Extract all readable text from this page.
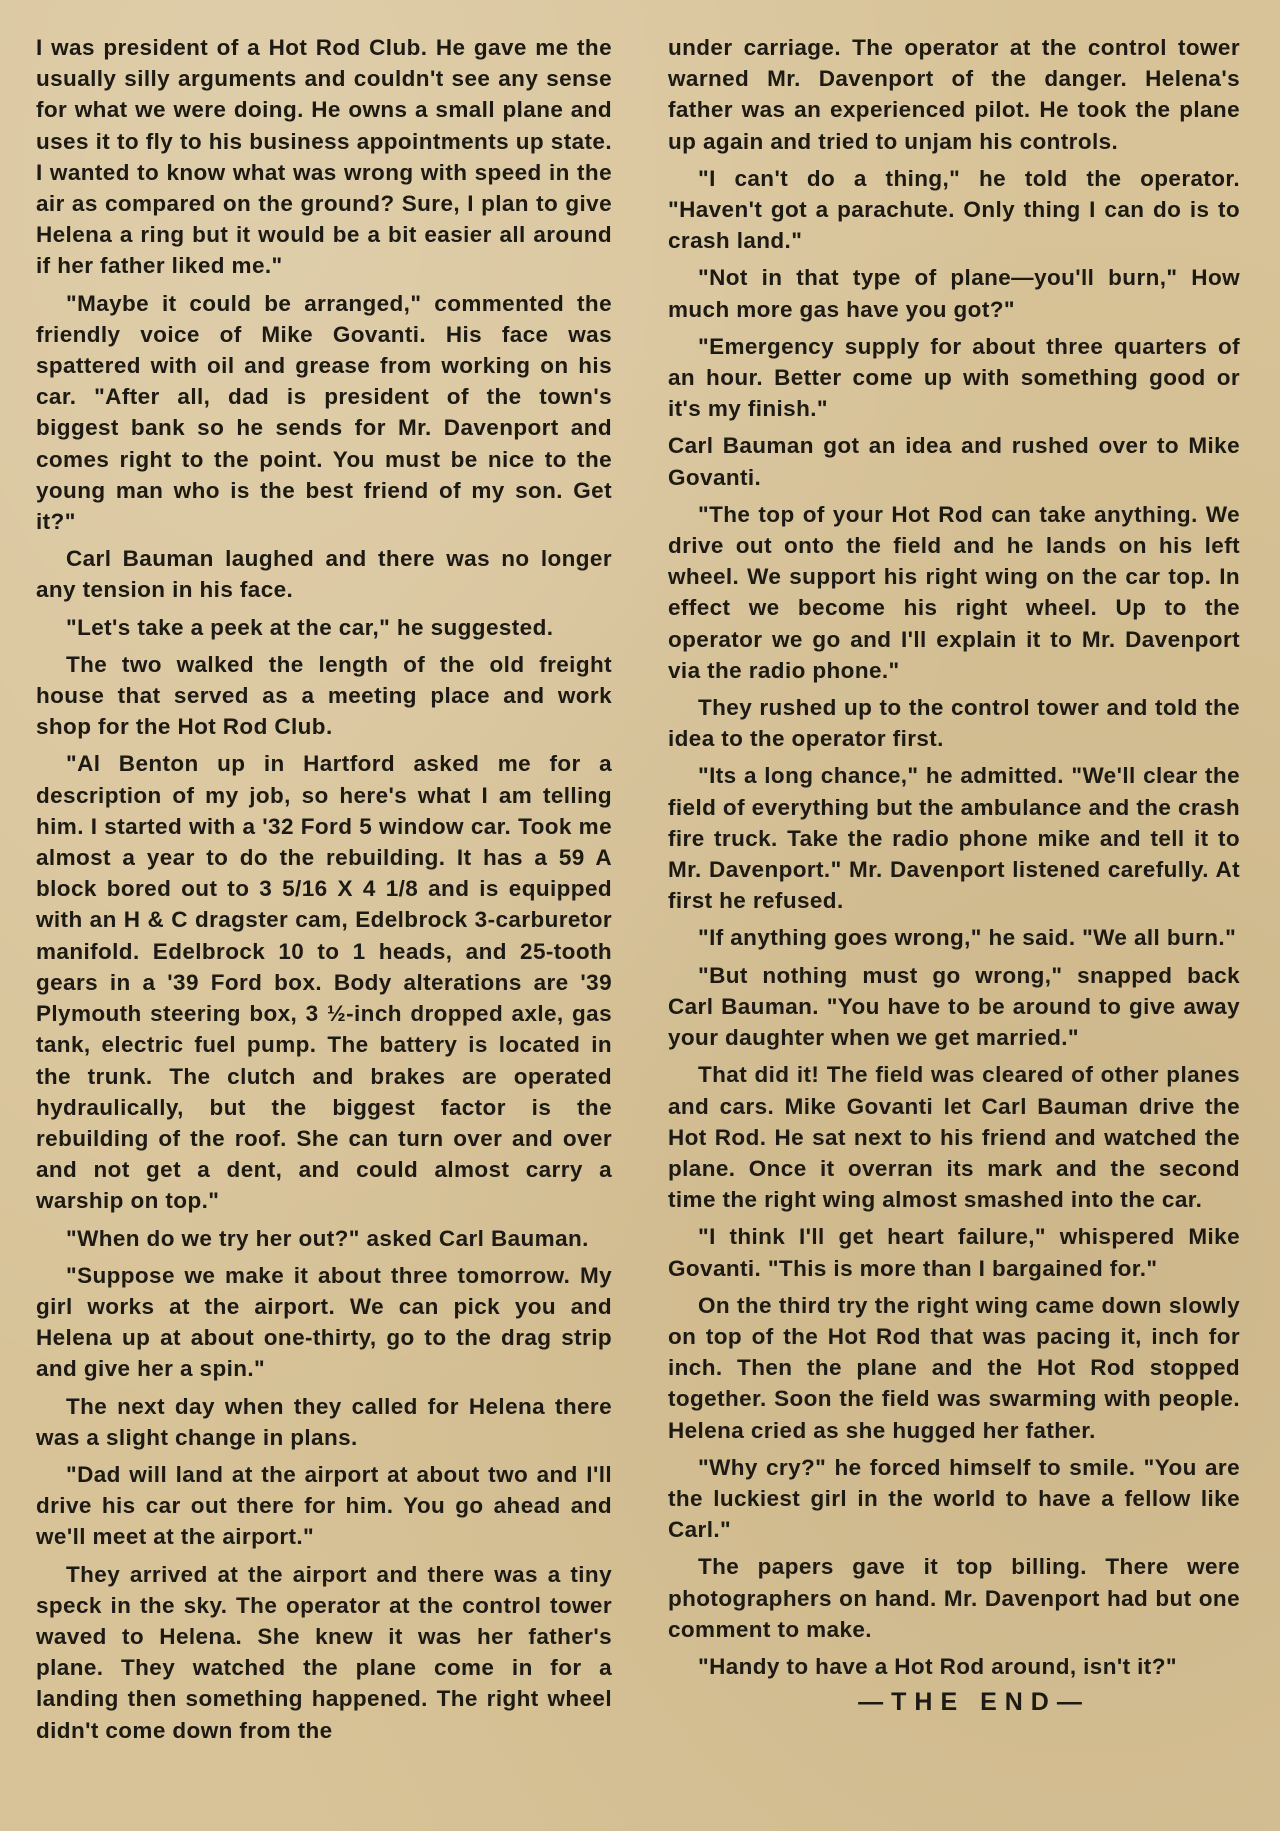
I was president of a Hot Rod Club. He gave me the usually silly arguments and couldn't see any sense for what we were doing. He owns a small plane and uses it to fly to his business appointments up state. I wanted to know what was wrong with speed in the air as compared on the ground? Sure, I plan to give Helena a ring but it would be a bit easier all around if her father liked me."

"Maybe it could be arranged," commented the friendly voice of Mike Govanti. His face was spattered with oil and grease from working on his car. "After all, dad is president of the town's biggest bank so he sends for Mr. Davenport and comes right to the point. You must be nice to the young man who is the best friend of my son. Get it?"

Carl Bauman laughed and there was no longer any tension in his face.

"Let's take a peek at the car," he suggested.

The two walked the length of the old freight house that served as a meeting place and work shop for the Hot Rod Club.

"Al Benton up in Hartford asked me for a description of my job, so here's what I am telling him. I started with a '32 Ford 5 window car. Took me almost a year to do the rebuilding. It has a 59 A block bored out to 3 5/16 X 4 1/8 and is equipped with an H & C dragster cam, Edelbrock 3-carburetor manifold. Edelbrock 10 to 1 heads, and 25-tooth gears in a '39 Ford box. Body alterations are '39 Plymouth steering box, 3 ½-inch dropped axle, gas tank, electric fuel pump. The battery is located in the trunk. The clutch and brakes are operated hydraulically, but the biggest factor is the rebuilding of the roof. She can turn over and over and not get a dent, and could almost carry a warship on top."

"When do we try her out?" asked Carl Bauman.

"Suppose we make it about three tomorrow. My girl works at the airport. We can pick you and Helena up at about one-thirty, go to the drag strip and give her a spin."

The next day when they called for Helena there was a slight change in plans.

"Dad will land at the airport at about two and I'll drive his car out there for him. You go ahead and we'll meet at the airport."

They arrived at the airport and there was a tiny speck in the sky. The operator at the control tower waved to Helena. She knew it was her father's plane. They watched the plane come in for a landing then something happened. The right wheel didn't come down from the

under carriage. The operator at the control tower warned Mr. Davenport of the danger. Helena's father was an experienced pilot. He took the plane up again and tried to unjam his controls.

"I can't do a thing," he told the operator. "Haven't got a parachute. Only thing I can do is to crash land."

"Not in that type of plane—you'll burn," How much more gas have you got?"

"Emergency supply for about three quarters of an hour. Better come up with something good or it's my finish."

Carl Bauman got an idea and rushed over to Mike Govanti.

"The top of your Hot Rod can take anything. We drive out onto the field and he lands on his left wheel. We support his right wing on the car top. In effect we become his right wheel. Up to the operator we go and I'll explain it to Mr. Davenport via the radio phone."

They rushed up to the control tower and told the idea to the operator first.

"Its a long chance," he admitted. "We'll clear the field of everything but the ambulance and the crash fire truck. Take the radio phone mike and tell it to Mr. Davenport." Mr. Davenport listened carefully. At first he refused.

"If anything goes wrong," he said. "We all burn."

"But nothing must go wrong," snapped back Carl Bauman. "You have to be around to give away your daughter when we get married."

That did it! The field was cleared of other planes and cars. Mike Govanti let Carl Bauman drive the Hot Rod. He sat next to his friend and watched the plane. Once it overran its mark and the second time the right wing almost smashed into the car.

"I think I'll get heart failure," whispered Mike Govanti. "This is more than I bargained for."

On the third try the right wing came down slowly on top of the Hot Rod that was pacing it, inch for inch. Then the plane and the Hot Rod stopped together. Soon the field was swarming with people. Helena cried as she hugged her father.

"Why cry?" he forced himself to smile. "You are the luckiest girl in the world to have a fellow like Carl."

The papers gave it top billing. There were photographers on hand. Mr. Davenport had but one comment to make.

"Handy to have a Hot Rod around, isn't it?"

—THE END—
